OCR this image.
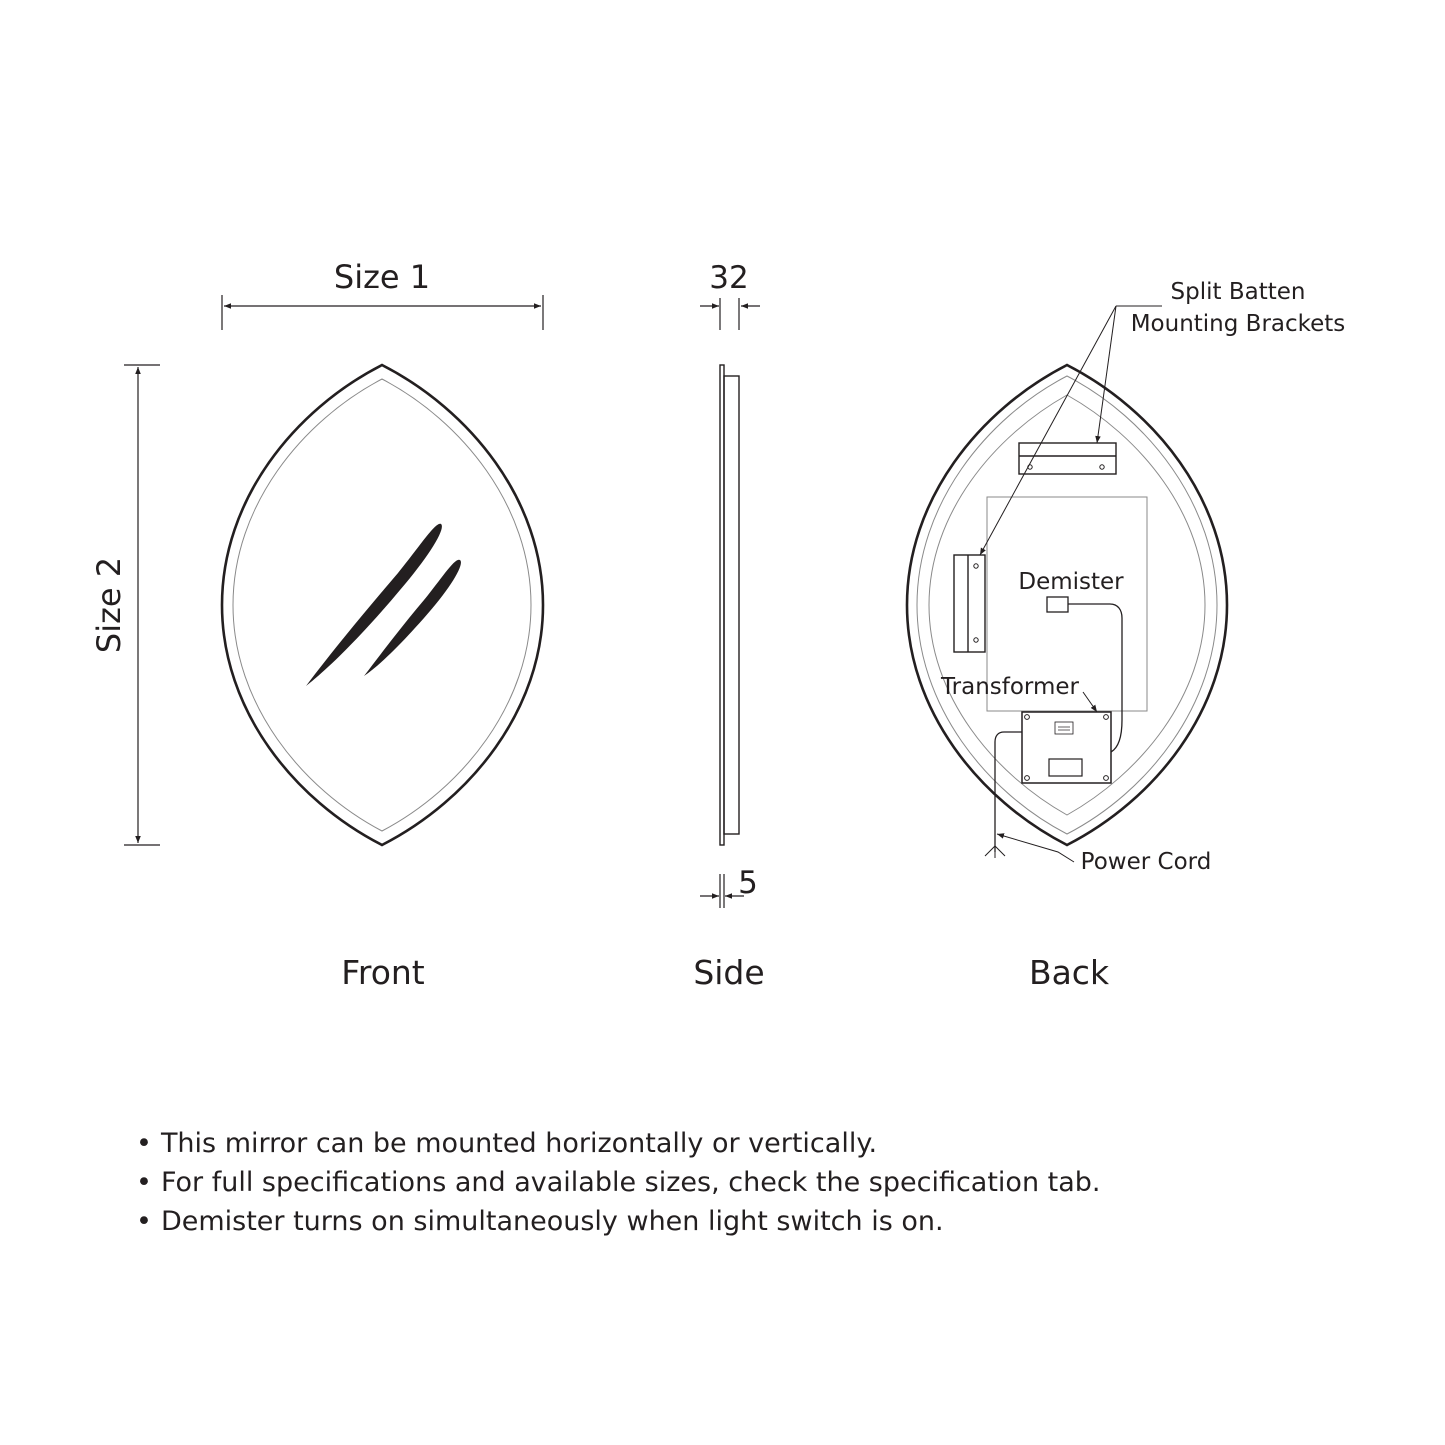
Size 1
Size 2
Front
32
5
Side
Split Batten
Mounting Brackets
Demister
Transformer
Power Cord
Back
• This mirror can be mounted horizontally or vertically.
• For full specifications and available sizes, check the specification tab.
• Demister turns on simultaneously when light switch is on.
